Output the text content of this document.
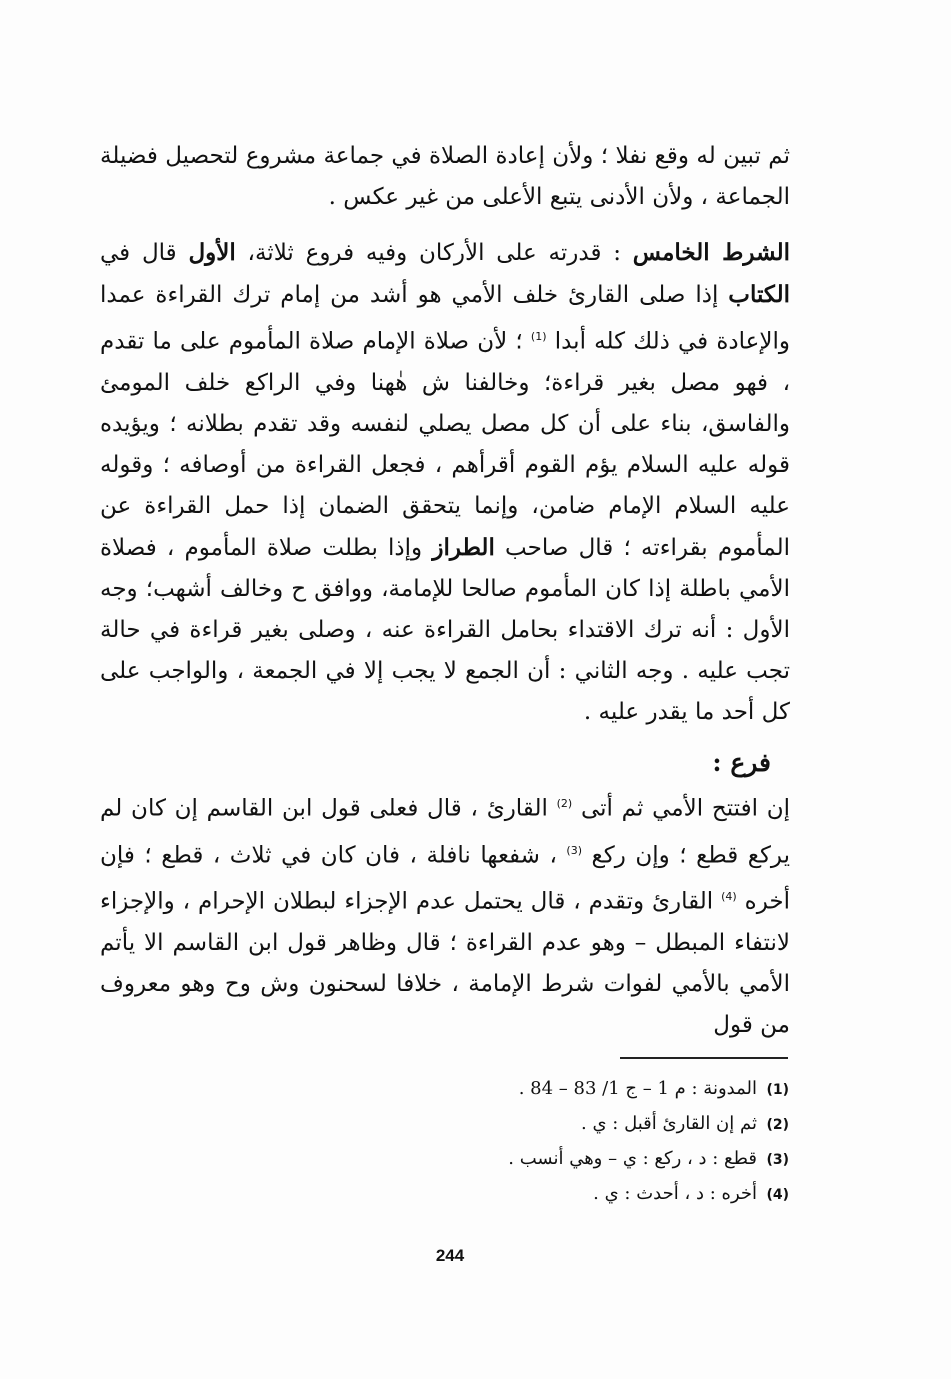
ثم تبين له وقع نفلا ؛ ولأن إعادة الصلاة في جماعة مشروع لتحصيل فضيلة الجماعة ، ولأن الأدنى يتبع الأعلى من غير عكس .

الشرط الخامس : قدرته على الأركان وفيه فروع ثلاثة، الأول قال في الكتاب إذا صلى القارئ خلف الأمي هو أشد من إمام ترك القراءة عمدا والإعادة في ذلك كله أبدا $^{(1)}$ ؛ لأن صلاة الإمام صلاة المأموم على ما تقدم ، فهو مصل بغير قراءة؛ وخالفنا ش هٰهنا وفي الراكع خلف المومئ والفاسق، بناء على أن كل مصل يصلي لنفسه وقد تقدم بطلانه ؛ ويؤيده قوله عليه السلام يؤم القوم أقرأهم ، فجعل القراءة من أوصافه ؛ وقوله عليه السلام الإمام ضامن، وإنما يتحقق الضمان إذا حمل القراءة عن المأموم بقراءته ؛ قال صاحب الطراز وإذا بطلت صلاة المأموم ، فصلاة الأمي باطلة إذا كان المأموم صالحا للإمامة، ووافق ح وخالف أشهب؛ وجه الأول : أنه ترك الاقتداء بحامل القراءة عنه ، وصلى بغير قراءة في حالة تجب عليه . وجه الثاني : أن الجمع لا يجب إلا في الجمعة ، والواجب على كل أحد ما يقدر عليه .

فرع :

إن افتتح الأمي ثم أتى $^{(2)}$ القارئ ، قال فعلى قول ابن القاسم إن كان لم يركع قطع ؛ وإن ركع $^{(3)}$ ، شفعها نافلة ، فان كان في ثلاث ، قطع ؛ فإن أخره $^{(4)}$ القارئ وتقدم ، قال يحتمل عدم الإجزاء لبطلان الإحرام ، والإجزاء لانتفاء المبطل – وهو عدم القراءة ؛ قال وظاهر قول ابن القاسم الا يأتم الأمي بالأمي لفوات شرط الإمامة ، خلافا لسحنون وش وح وهو معروف من قول

(1)المدونة : م 1 – ج 1/ 83 – 84 .
(2)ثم إن القارئ أقبل : ي .
(3)قطع : د ، ركع : ي – وهي أنسب .
(4)أخره : د ، أحدث : ي .
244
